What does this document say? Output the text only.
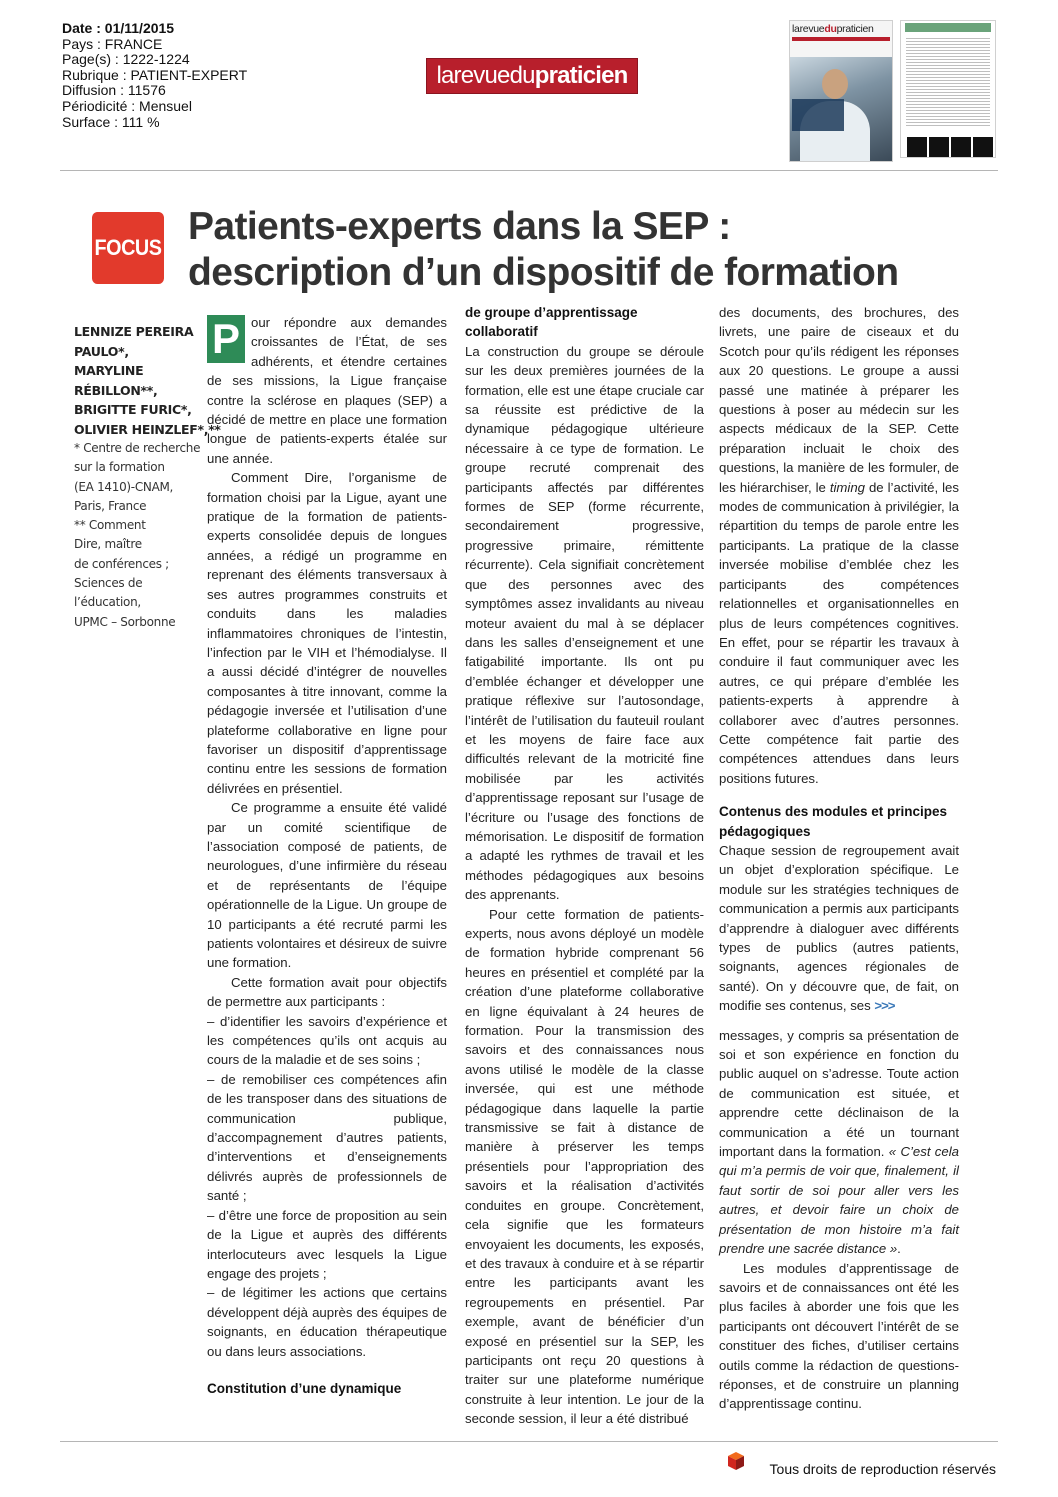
Date : 01/11/2015
Pays : FRANCE
Page(s) : 1222-1224
Rubrique : PATIENT-EXPERT
Diffusion : 11576
Périodicité : Mensuel
Surface : 111 %
la revue du praticien
larevuedupraticien
FOCUS Patients-experts dans la SEP :
description d’un dispositif de formation
LENNIZE PEREIRA
PAULO*,
MARYLINE
RÉBILLON**,
BRIGITTE FURIC*,
OLIVIER HEINZLEF*,**
* Centre de recherche
sur la formation
(EA 1410)-CNAM,
Paris, France
** Comment
Dire, maître
de conférences ;
Sciences de
l’éducation,
UPMC – Sorbonne

P our répondre aux demandes croissantes de l’État, de ses adhérents, et étendre certaines de ses missions, la Ligue française contre la sclérose en plaques (SEP) a décidé de mettre en place une formation longue de patients-experts étalée sur une année.

Comment Dire, l’organisme de formation choisi par la Ligue, ayant une pratique de la formation de patients-experts consolidée depuis de longues années, a rédigé un programme en reprenant des éléments transversaux à ses autres programmes construits et conduits dans les maladies inflammatoires chroniques de l’intestin, l’infection par le VIH et l’hémodialyse. Il a aussi décidé d’intégrer de nouvelles composantes à titre innovant, comme la pédagogie inversée et l’utilisation d’une plateforme collaborative en ligne pour favoriser un dispositif d’apprentissage continu entre les sessions de formation délivrées en présentiel.

Ce programme a ensuite été validé par un comité scientifique de l’association composé de patients, de neurologues, d’une infirmière du réseau et de représentants de l’équipe opérationnelle de la Ligue. Un groupe de 10 participants a été recruté parmi les patients volontaires et désireux de suivre une formation.

Cette formation avait pour objectifs de permettre aux participants :

– d’identifier les savoirs d’expérience et les compétences qu’ils ont acquis au cours de la maladie et de ses soins ;

– de remobiliser ces compétences afin de les transposer dans des situations de communication publique, d’accompagnement d’autres patients, d’interventions et d’enseignements délivrés auprès de professionnels de santé ;

– d’être une force de proposition au sein de la Ligue et auprès des différents interlocuteurs avec lesquels la Ligue engage des projets ;

– de légitimer les actions que certains développent déjà auprès des équipes de soignants, en éducation thérapeutique ou dans leurs associations.

Constitution d’une dynamique
de groupe d’apprentissage collaboratif

La construction du groupe se déroule sur les deux premières journées de la formation, elle est une étape cruciale car sa réussite est prédictive de la dynamique pédagogique ultérieure nécessaire à ce type de formation. Le groupe recruté comprenait des participants affectés par différentes formes de SEP (forme récurrente, secondairement progressive, progressive primaire, rémittente récurrente). Cela signifiait concrètement que des personnes avec des symptômes assez invalidants au niveau moteur avaient du mal à se déplacer dans les salles d’enseignement et une fatigabilité importante. Ils ont pu d’emblée échanger et développer une pratique réflexive sur l’autosondage, l’intérêt de l’utilisation du fauteuil roulant et les moyens de faire face aux difficultés relevant de la motricité fine mobilisée par les activités d’apprentissage reposant sur l’usage de l’écriture ou l’usage des fonctions de mémorisation. Le dispositif de formation a adapté les rythmes de travail et les méthodes pédagogiques aux besoins des apprenants.

Pour cette formation de patients-experts, nous avons déployé un modèle de formation hybride comprenant 56 heures en présentiel et complété par la création d’une plateforme collaborative en ligne équivalant à 24 heures de formation. Pour la transmission des savoirs et des connaissances nous avons utilisé le modèle de la classe inversée, qui est une méthode pédagogique dans laquelle la partie transmissive se fait à distance de manière à préserver les temps présentiels pour l’appropriation des savoirs et la réalisation d’activités conduites en groupe. Concrètement, cela signifie que les formateurs envoyaient les documents, les exposés, et des travaux à conduire et à se répartir entre les participants avant les regroupements en présentiel. Par exemple, avant de bénéficier d’un exposé en présentiel sur la SEP, les participants ont reçu 20 questions à traiter sur une plateforme numérique construite à leur intention. Le jour de la seconde session, il leur a été distribué

des documents, des brochures, des livrets, une paire de ciseaux et du Scotch pour qu’ils rédigent les réponses aux 20 questions. Le groupe a aussi passé une matinée à préparer les questions à poser au médecin sur les aspects médicaux de la SEP. Cette préparation incluait le choix des questions, la manière de les formuler, de les hiérarchiser, le timing de l’activité, les modes de communication à privilégier, la répartition du temps de parole entre les participants. La pratique de la classe inversée mobilise d’emblée chez les participants des compétences relationnelles et organisationnelles en plus de leurs compétences cognitives. En effet, pour se répartir les travaux à conduire il faut communiquer avec les autres, ce qui prépare d’emblée les patients-experts à apprendre à collaborer avec d’autres personnes. Cette compétence fait partie des compétences attendues dans leurs positions futures.

Contenus des modules et principes pédagogiques

Chaque session de regroupement avait un objet d’exploration spécifique. Le module sur les stratégies techniques de communication a permis aux participants d’apprendre à dialoguer avec différents types de publics (autres patients, soignants, agences régionales de santé). On y découvre que, de fait, on modifie ses contenus, ses >>>

messages, y compris sa présentation de soi et son expérience en fonction du public auquel on s’adresse. Toute action de communication est située, et apprendre cette déclinaison de la communication a été un tournant important dans la formation. « C’est cela qui m’a permis de voir que, finalement, il faut sortir de soi pour aller vers les autres, et devoir faire un choix de présentation de mon histoire m’a fait prendre une sacrée distance ».

Les modules d’apprentissage de savoirs et de connaissances ont été les plus faciles à aborder une fois que les participants ont découvert l’intérêt de se constituer des fiches, d’utiliser certains outils comme la rédaction de questions-réponses, et de construire un planning d’apprentissage continu.

Tous droits de reproduction réservés
